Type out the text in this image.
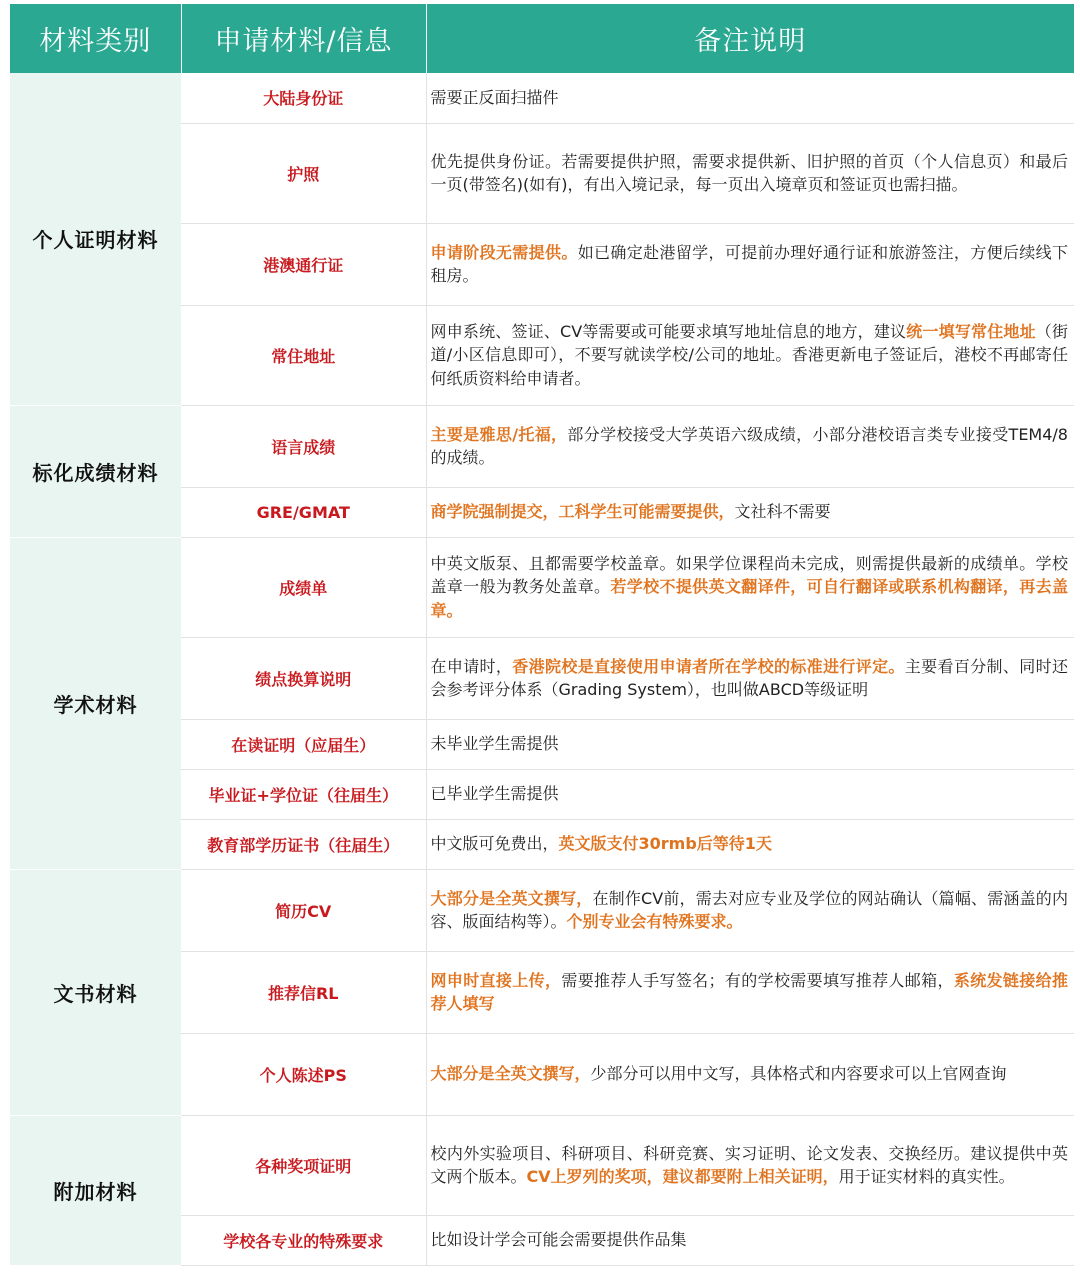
材料类别	申请材料/信息	备注说明
个人证明材料	大陆身份证	需要正反面扫描件
	护照	优先提供身份证。若需要提供护照，需要求提供新、旧护照的首页（个人信息页）和最后一页(带签名)(如有)，有出入境记录，每一页出入境章页和签证页也需扫描。
	港澳通行证	申请阶段无需提供。如已确定赴港留学，可提前办理好通行证和旅游签注，方便后续线下租房。
	常住地址	网申系统、签证、CV等需要或可能要求填写地址信息的地方，建议统一填写常住地址（街道/小区信息即可），不要写就读学校/公司的地址。香港更新电子签证后，港校不再邮寄任何纸质资料给申请者。
标化成绩材料	语言成绩	主要是雅思/托福，部分学校接受大学英语六级成绩，小部分港校语言类专业接受TEM4/8的成绩。
	GRE/GMAT	商学院强制提交，工科学生可能需要提供，文社科不需要
学术材料	成绩单	中英文版泵、且都需要学校盖章。如果学位课程尚未完成，则需提供最新的成绩单。学校盖章一般为教务处盖章。若学校不提供英文翻译件，可自行翻译或联系机构翻译，再去盖章。
	绩点换算说明	在申请时，香港院校是直接使用申请者所在学校的标准进行评定。主要看百分制、同时还会参考评分体系（Grading System），也叫做ABCD等级证明
	在读证明（应届生）	未毕业学生需提供
	毕业证+学位证（往届生）	已毕业学生需提供
	教育部学历证书（往届生）	中文版可免费出，英文版支付30rmb后等待1天
文书材料	简历CV	大部分是全英文撰写，在制作CV前，需去对应专业及学位的网站确认（篇幅、需涵盖的内容、版面结构等）。个别专业会有特殊要求。
	推荐信RL	网申时直接上传，需要推荐人手写签名；有的学校需要填写推荐人邮箱，系统发链接给推荐人填写
	个人陈述PS	大部分是全英文撰写，少部分可以用中文写，具体格式和内容要求可以上官网查询
附加材料	各种奖项证明	校内外实验项目、科研项目、科研竞赛、实习证明、论文发表、交换经历。建议提供中英文两个版本。CV上罗列的奖项，建议都要附上相关证明，用于证实材料的真实性。
	学校各专业的特殊要求	比如设计学会可能会需要提供作品集
